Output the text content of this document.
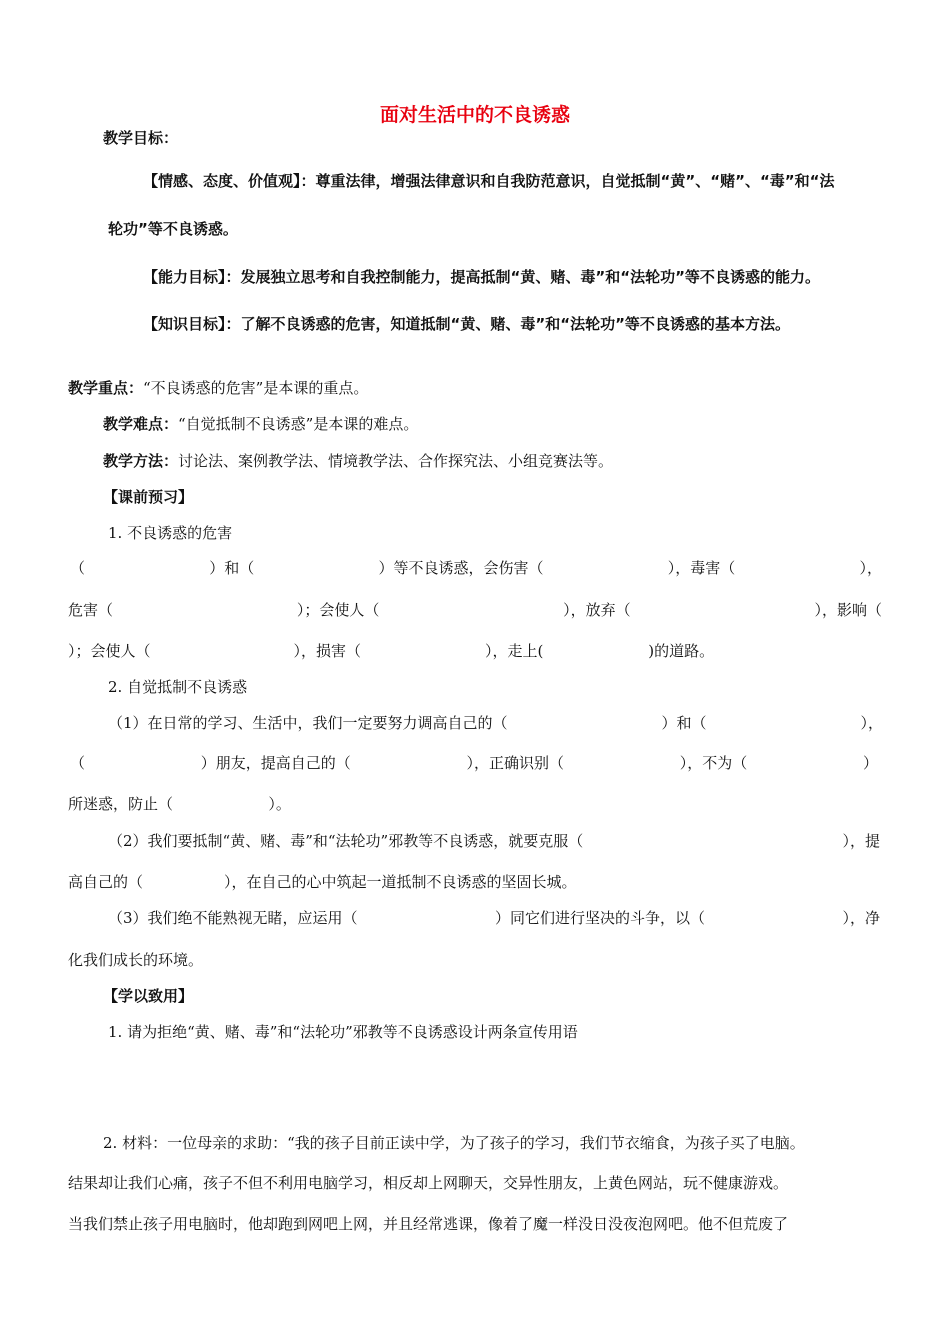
面对生活中的不良诱惑
教学目标：
【情感、态度、价值观】：尊重法律，增强法律意识和自我防范意识，自觉抵制“黄”、“赌”、“毒”和“法
轮功”等不良诱惑。
【能力目标】：发展独立思考和自我控制能力，提高抵制“黄、赌、毒”和“法轮功”等不良诱惑的能力。
【知识目标】：了解不良诱惑的危害，知道抵制“黄、赌、毒”和“法轮功”等不良诱惑的基本方法。
教学重点：“不良诱惑的危害”是本课的重点。
教学难点：“自觉抵制不良诱惑”是本课的难点。
教学方法：讨论法、案例教学法、情境教学法、合作探究法、小组竞赛法等。
【课前预习】
1. 不良诱惑的危害
（	）和（	）等不良诱惑，会伤害（	），毒害（	），
危害（	）；会使人（	），放弃（	），影响（
）；会使人（                              ），损害（                          ），走上(                      )的道路。
2. 自觉抵制不良诱惑
（1）在日常的学习、生活中，我们一定要努力调高自己的（	）和（	），
（	）朋友，提高自己的（	），正确识别（	），不为（	）
所迷惑，防止（                    ）。
（2）我们要抵制“黄、赌、毒”和“法轮功”邪教等不良诱惑，就要克服（	），提
高自己的（                 ），在自己的心中筑起一道抵制不良诱惑的坚固长城。
（3）我们绝不能熟视无睹，应运用（	）同它们进行坚决的斗争，以（	），净
化我们成长的环境。
【学以致用】
1. 请为拒绝“黄、赌、毒”和“法轮功”邪教等不良诱惑设计两条宣传用语
2. 材料：一位母亲的求助：“我的孩子目前正读中学，为了孩子的学习，我们节衣缩食，为孩子买了电脑。
结果却让我们心痛，孩子不但不利用电脑学习，相反却上网聊天，交异性朋友，上黄色网站，玩不健康游戏。
当我们禁止孩子用电脑时，他却跑到网吧上网，并且经常逃课，像着了魔一样没日没夜泡网吧。他不但荒废了
